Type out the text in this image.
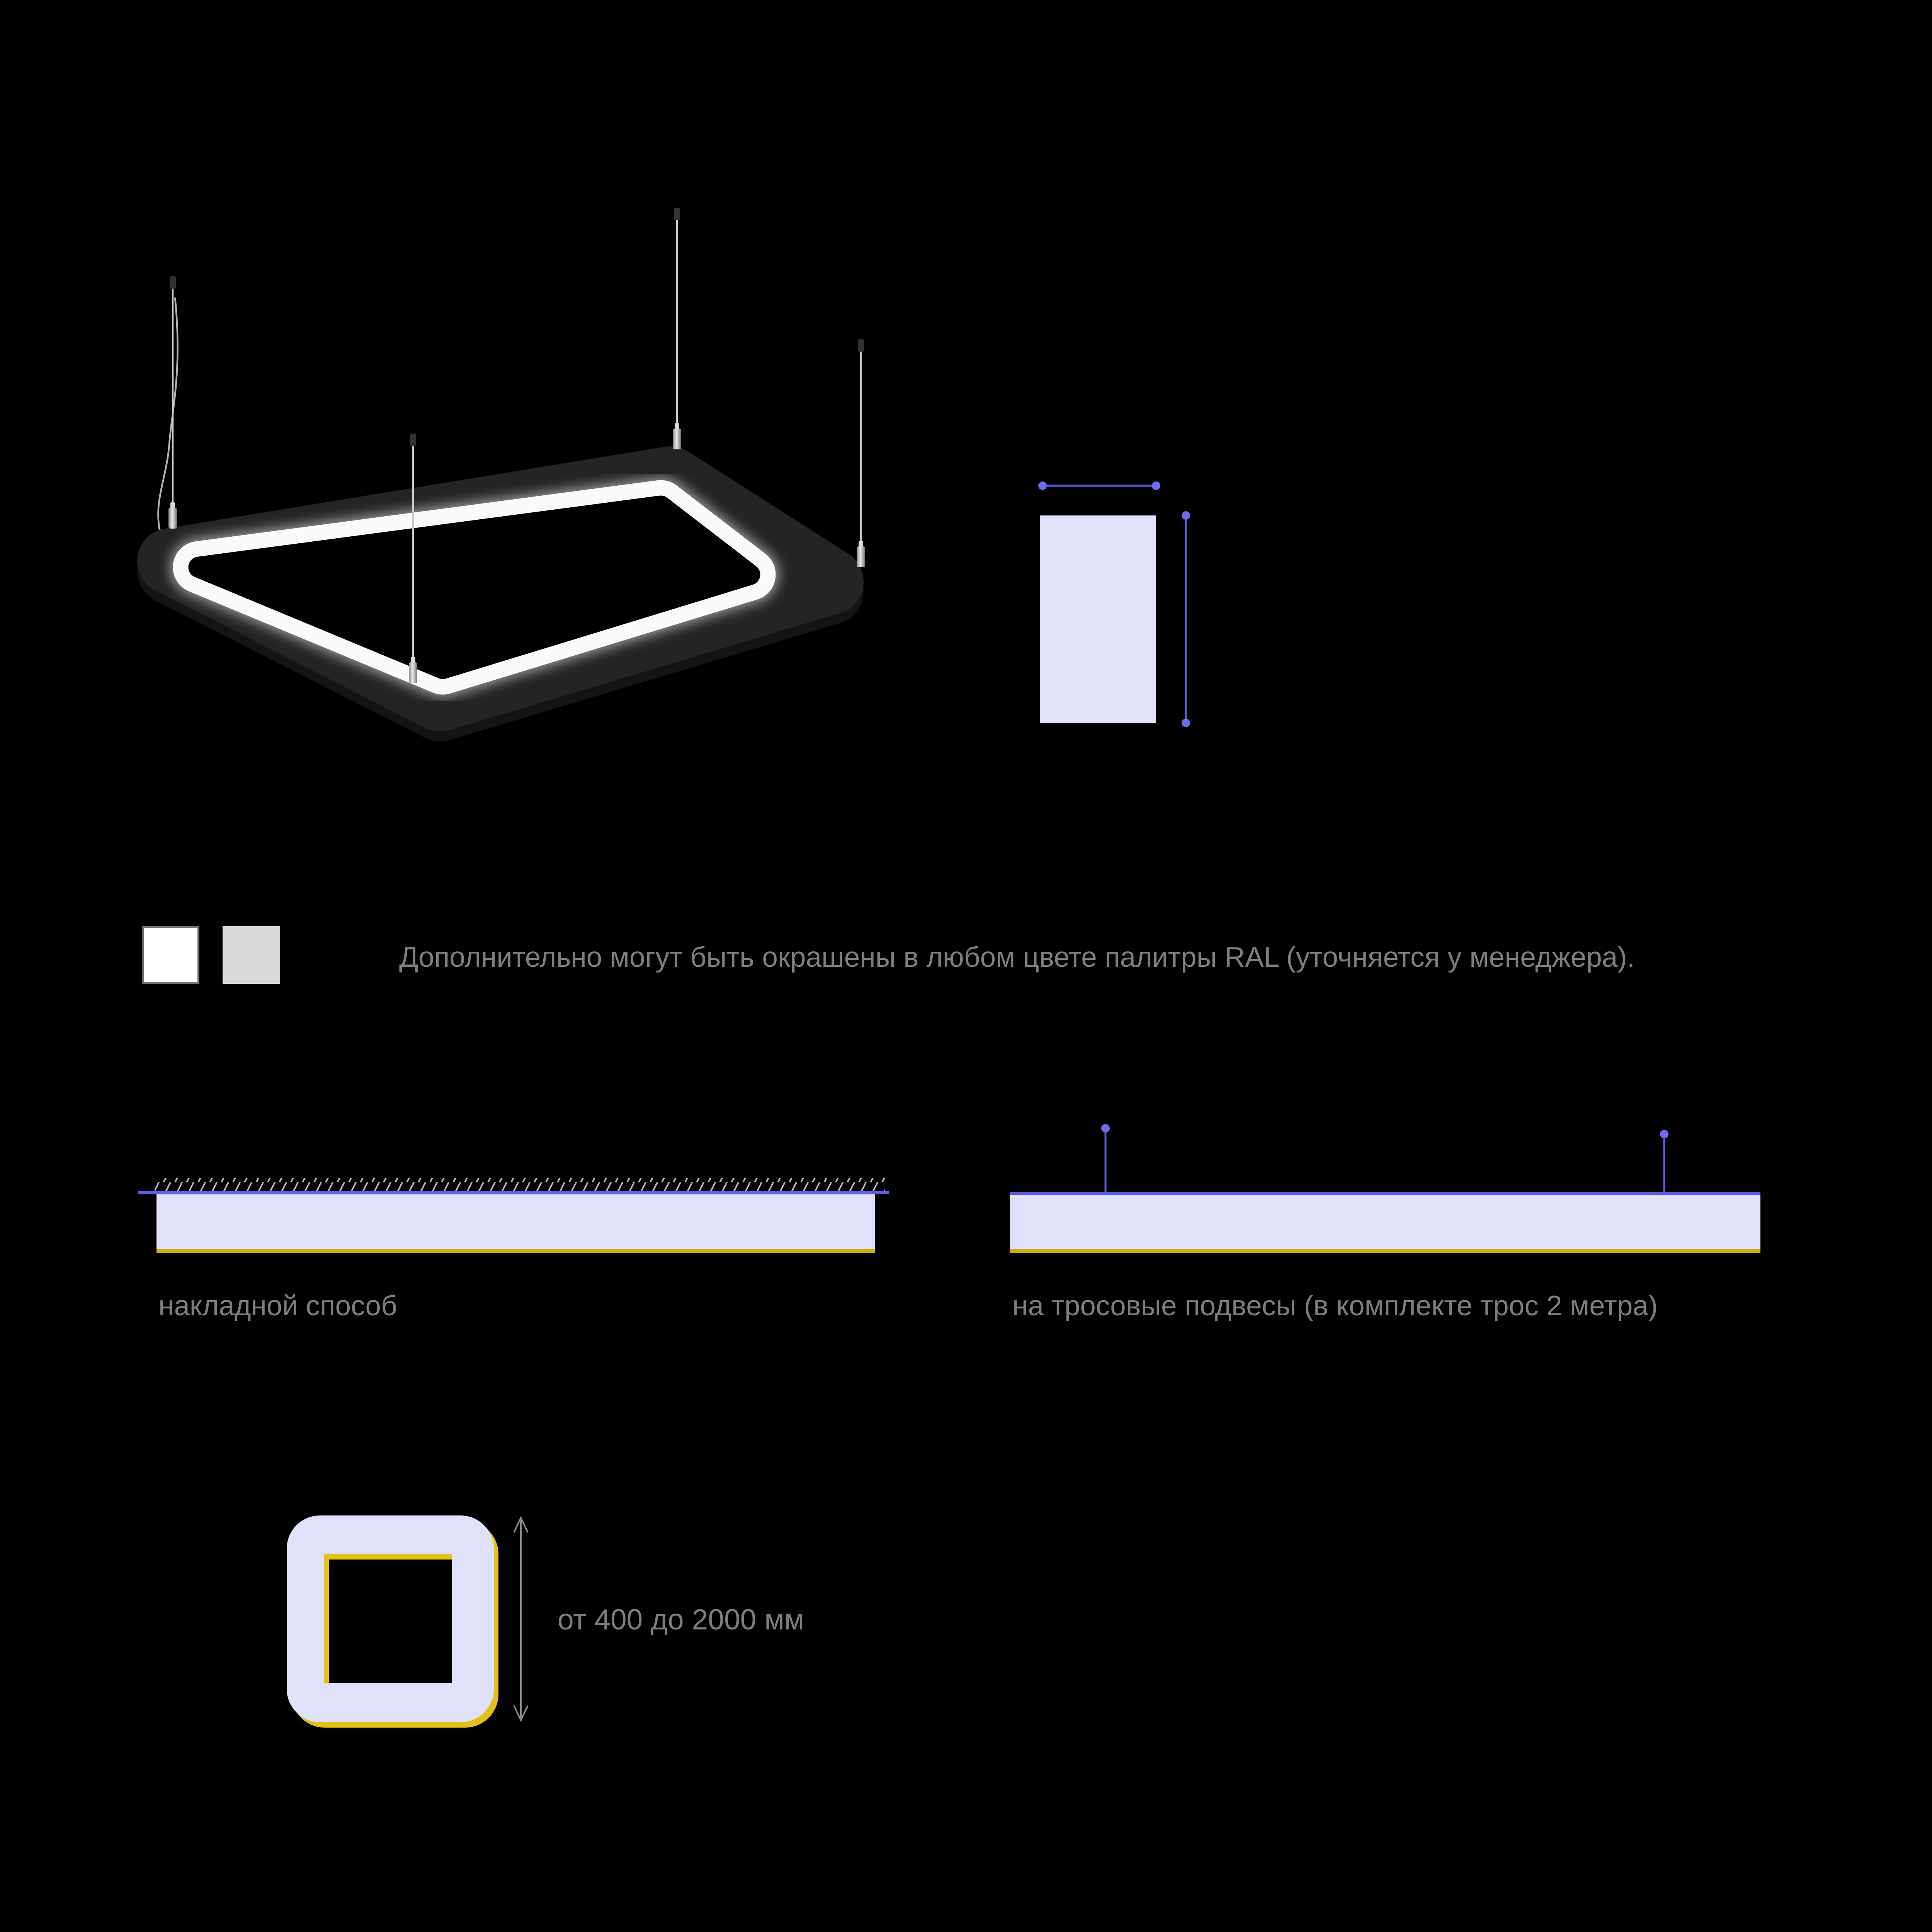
Дополнительно могут быть окрашены в любом цвете палитры RAL (уточняется у менеджера).
накладной способ	на тросовые подвесы (в комплекте трос 2 метра)
от 400 до 2000 мм
